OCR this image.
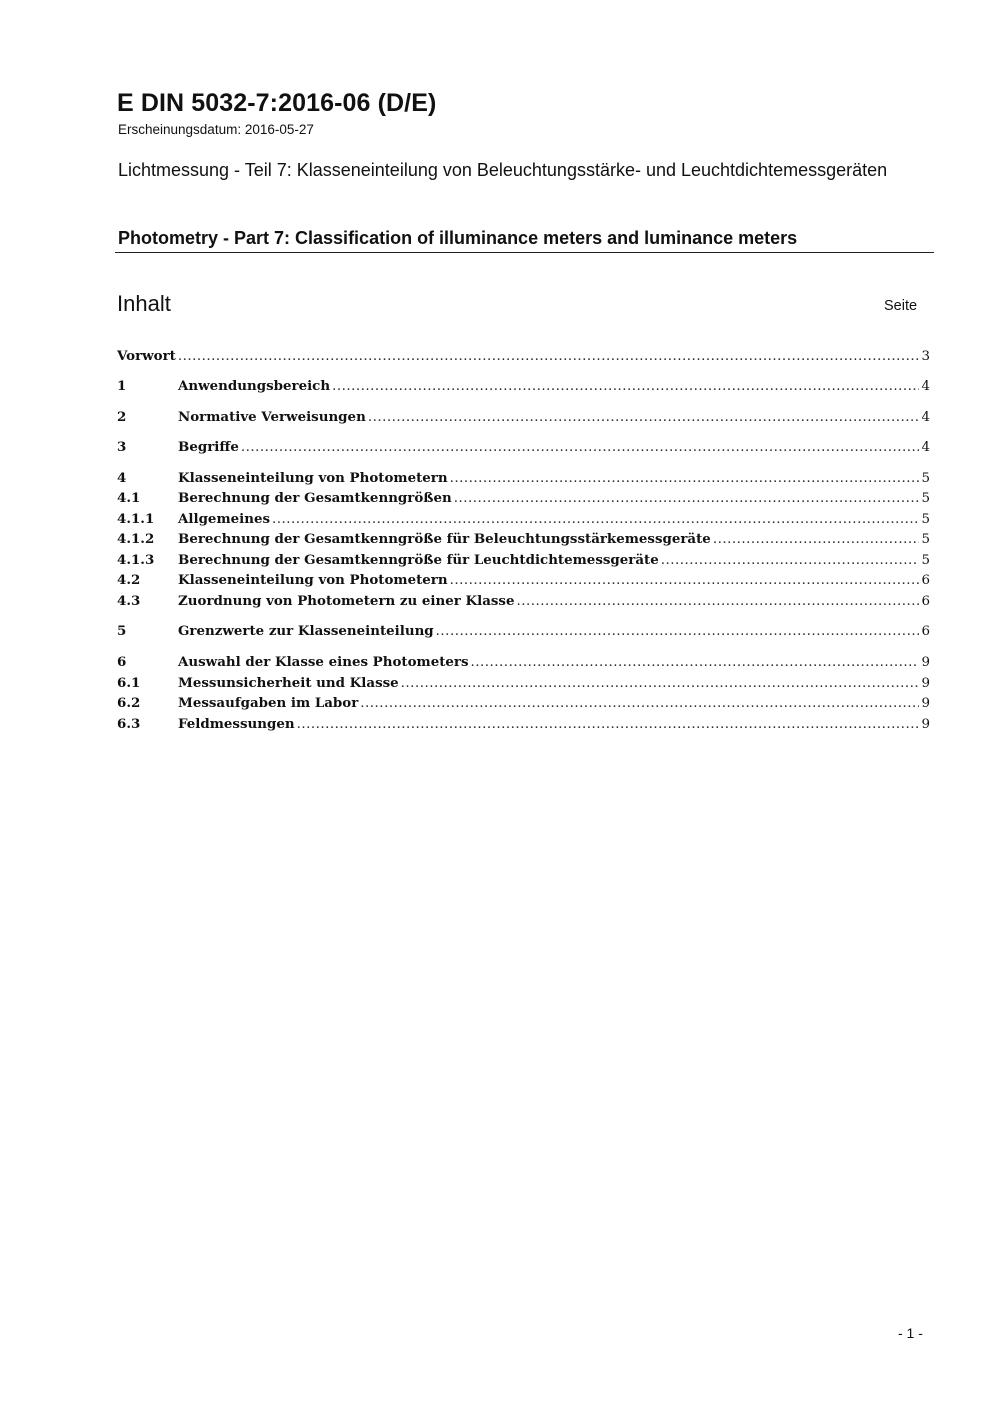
E DIN 5032-7:2016-06 (D/E)
Erscheinungsdatum: 2016-05-27
Lichtmessung - Teil 7: Klasseneinteilung von Beleuchtungsstärke- und Leuchtdichtemessgeräten
Photometry - Part 7: Classification of illuminance meters and luminance meters
Inhalt	Seite
Vorwort .....	3
1	Anwendungsbereich .....	4
2	Normative Verweisungen .....	4
3	Begriffe .....	4
4	Klasseneinteilung von Photometern .....	5
4.1	Berechnung der Gesamtkenngrößen .....	5
4.1.1	Allgemeines .....	5
4.1.2	Berechnung der Gesamtkenngröße für Beleuchtungsstärkemessgeräte .....	5
4.1.3	Berechnung der Gesamtkenngröße für Leuchtdichtemessgeräte .....	5
4.2	Klasseneinteilung von Photometern .....	6
4.3	Zuordnung von Photometern zu einer Klasse .....	6
5	Grenzwerte zur Klasseneinteilung .....	6
6	Auswahl der Klasse eines Photometers .....	9
6.1	Messunsicherheit und Klasse .....	9
6.2	Messaufgaben im Labor .....	9
6.3	Feldmessungen .....	9
- 1 -
